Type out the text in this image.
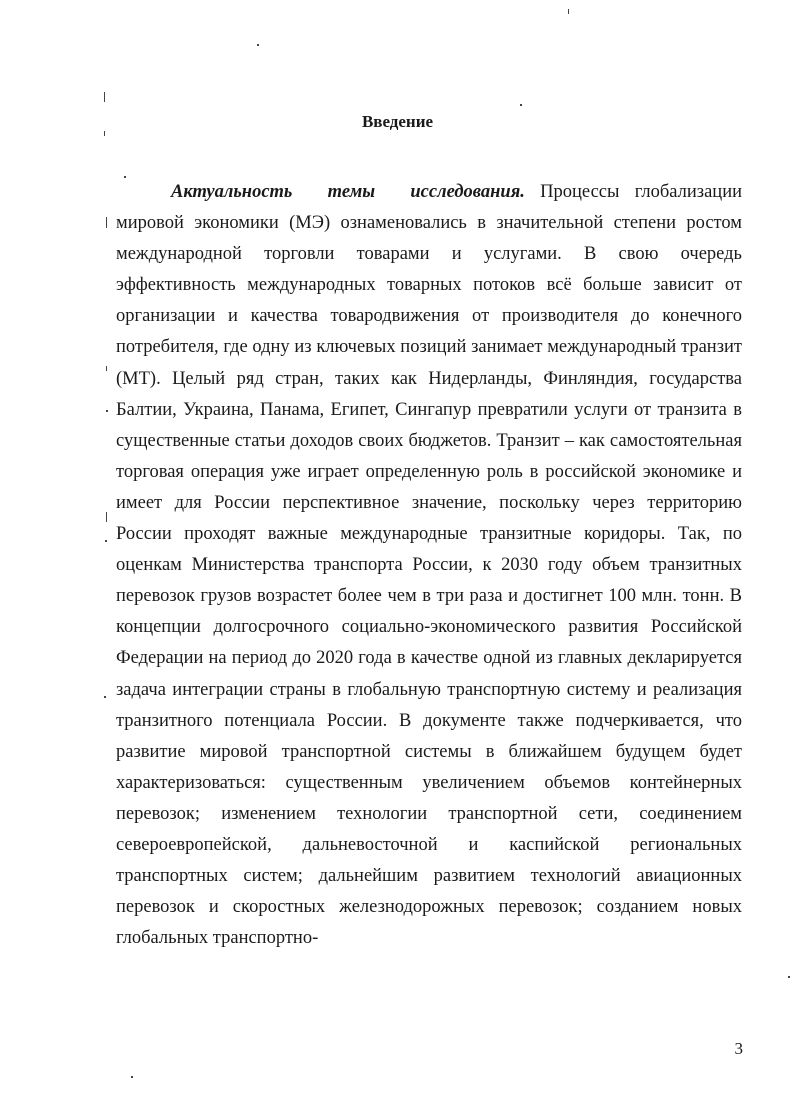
Введение

Актуальность темы исследования. Процессы глобализации мировой экономики (МЭ) ознаменовались в значительной степени ростом международной торговли товарами и услугами. В свою очередь эффективность международных товарных потоков всё больше зависит от организации и качества товародвижения от производителя до конечного потребителя, где одну из ключевых позиций занимает международный транзит (МТ). Целый ряд стран, таких как Нидерланды, Финляндия, государства Балтии, Украина, Панама, Египет, Сингапур превратили услуги от транзита в существенные статьи доходов своих бюджетов. Транзит – как самостоятельная торговая операция уже играет определенную роль в российской экономике и имеет для России перспективное значение, поскольку через территорию России проходят важные международные транзитные коридоры. Так, по оценкам Министерства транспорта России, к 2030 году объем транзитных перевозок грузов возрастет более чем в три раза и достигнет 100 млн. тонн. В концепции долгосрочного социально-экономического развития Российской Федерации на период до 2020 года в качестве одной из главных декларируется задача интеграции страны в глобальную транспортную систему и реализация транзитного потенциала России. В документе также подчеркивается, что развитие мировой транспортной системы в ближайшем будущем будет характеризоваться: существенным увеличением объемов контейнерных перевозок; изменением технологии транспортной сети, соединением североевропейской, дальневосточной и каспийской региональных транспортных систем; дальнейшим развитием технологий авиационных перевозок и скоростных железнодорожных перевозок; созданием новых глобальных транспортно-

3
